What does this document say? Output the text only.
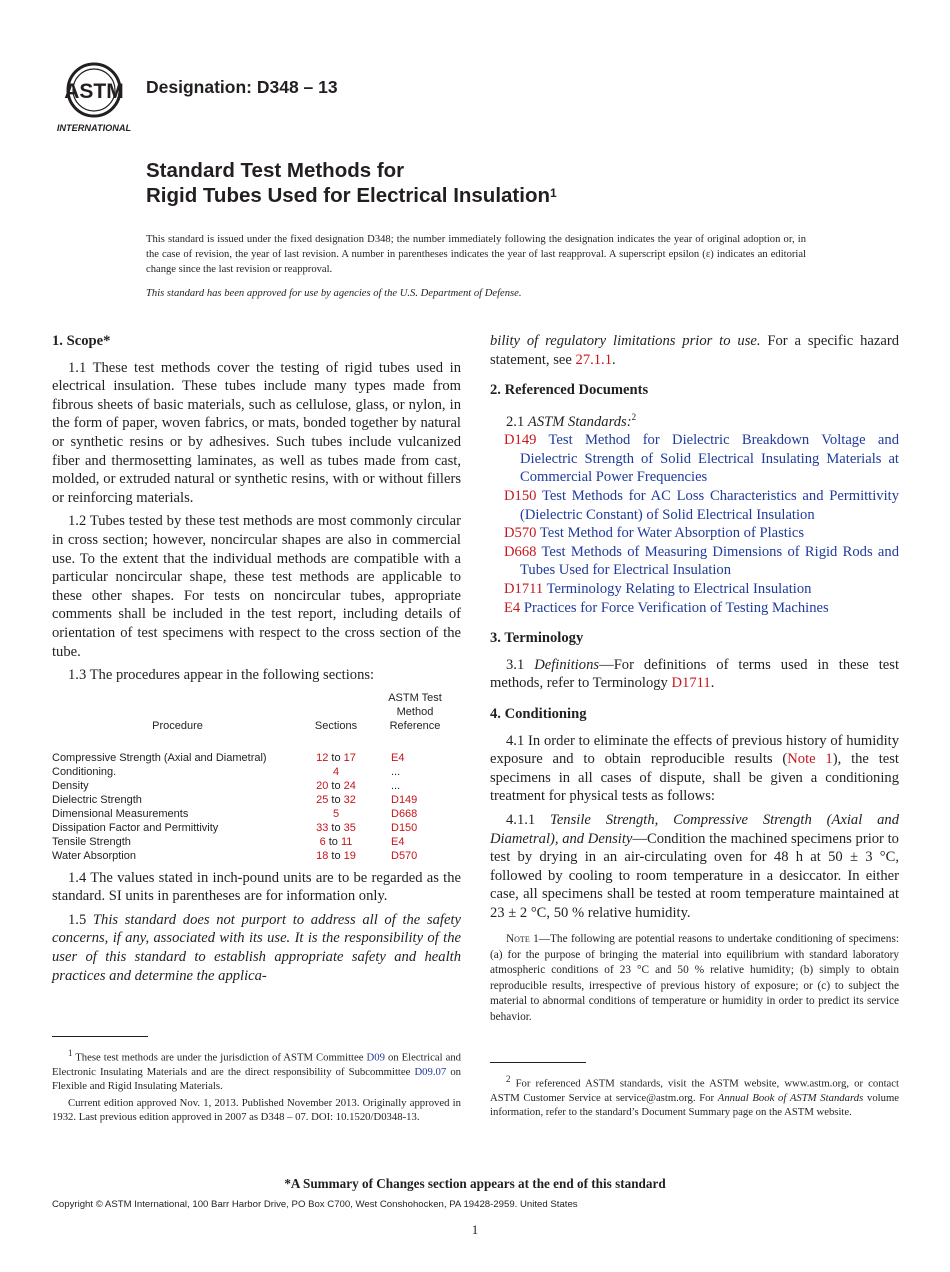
ASTM
INTERNATIONAL
Designation: D348 – 13
Standard Test Methods for
Rigid Tubes Used for Electrical Insulation$^1$

This standard is issued under the fixed designation D348; the number immediately following the designation indicates the year of original adoption or, in the case of revision, the year of last revision. A number in parentheses indicates the year of last reapproval. A superscript epsilon (ε) indicates an editorial change since the last revision or reapproval.

This standard has been approved for use by agencies of the U.S. Department of Defense.

1. Scope*

1.1 These test methods cover the testing of rigid tubes used in electrical insulation. These tubes include many types made from fibrous sheets of basic materials, such as cellulose, glass, or nylon, in the form of paper, woven fabrics, or mats, bonded together by natural or synthetic resins or by adhesives. Such tubes include vulcanized fiber and thermosetting laminates, as well as tubes made from cast, molded, or extruded natural or synthetic resins, with or without fillers or reinforcing materials.

1.2 Tubes tested by these test methods are most commonly circular in cross section; however, noncircular shapes are also in commercial use. To the extent that the individual methods are compatible with a particular noncircular shape, these test methods are applicable to these other shapes. For tests on noncircular tubes, appropriate comments shall be included in the test report, including details of orientation of test specimens with respect to the cross section of the tube.

1.3 The procedures appear in the following sections:

Procedure	Sections	ASTM Test
Method
Reference

Compressive Strength (Axial and Diametral)	12 to 17	E4
Conditioning.	4	...
Density	20 to 24	...
Dielectric Strength	25 to 32	D149
Dimensional Measurements	5	D668
Dissipation Factor and Permittivity	33 to 35	D150
Tensile Strength	6 to 11	E4
Water Absorption	18 to 19	D570

1.4 The values stated in inch-pound units are to be regarded as the standard. SI units in parentheses are for information only.

1.5 This standard does not purport to address all of the safety concerns, if any, associated with its use. It is the responsibility of the user of this standard to establish appropriate safety and health practices and determine the applica-

$^1$ These test methods are under the jurisdiction of ASTM Committee D09 on Electrical and Electronic Insulating Materials and are the direct responsibility of Subcommittee D09.07 on Flexible and Rigid Insulating Materials.

Current edition approved Nov. 1, 2013. Published November 2013. Originally approved in 1932. Last previous edition approved in 2007 as D348 – 07. DOI: 10.1520/D0348-13.

bility of regulatory limitations prior to use. For a specific hazard statement, see 27.1.1.

2. Referenced Documents

2.1 ASTM Standards:$^2$

D149 Test Method for Dielectric Breakdown Voltage and Dielectric Strength of Solid Electrical Insulating Materials at Commercial Power Frequencies
D150 Test Methods for AC Loss Characteristics and Permittivity (Dielectric Constant) of Solid Electrical Insulation
D570 Test Method for Water Absorption of Plastics
D668 Test Methods of Measuring Dimensions of Rigid Rods and Tubes Used for Electrical Insulation
D1711 Terminology Relating to Electrical Insulation
E4 Practices for Force Verification of Testing Machines
3. Terminology

3.1 Definitions—For definitions of terms used in these test methods, refer to Terminology D1711.

4. Conditioning

4.1 In order to eliminate the effects of previous history of humidity exposure and to obtain reproducible results (Note 1), the test specimens in all cases of dispute, shall be given a conditioning treatment for physical tests as follows:

4.1.1 Tensile Strength, Compressive Strength (Axial and Diametral), and Density—Condition the machined specimens prior to test by drying in an air-circulating oven for 48 h at 50 ± 3 °C, followed by cooling to room temperature in a desiccator. In either case, all specimens shall be tested at room temperature maintained at 23 ± 2 °C, 50 % relative humidity.

Note 1—The following are potential reasons to undertake conditioning of specimens: (a) for the purpose of bringing the material into equilibrium with standard laboratory atmospheric conditions of 23 °C and 50 % relative humidity; (b) simply to obtain reproducible results, irrespective of previous history of exposure; or (c) to subject the material to abnormal conditions of temperature or humidity in order to predict its service behavior.

$^2$ For referenced ASTM standards, visit the ASTM website, www.astm.org, or contact ASTM Customer Service at service@astm.org. For Annual Book of ASTM Standards volume information, refer to the standard’s Document Summary page on the ASTM website.

*A Summary of Changes section appears at the end of this standard
Copyright © ASTM International, 100 Barr Harbor Drive, PO Box C700, West Conshohocken, PA 19428-2959. United States
1
